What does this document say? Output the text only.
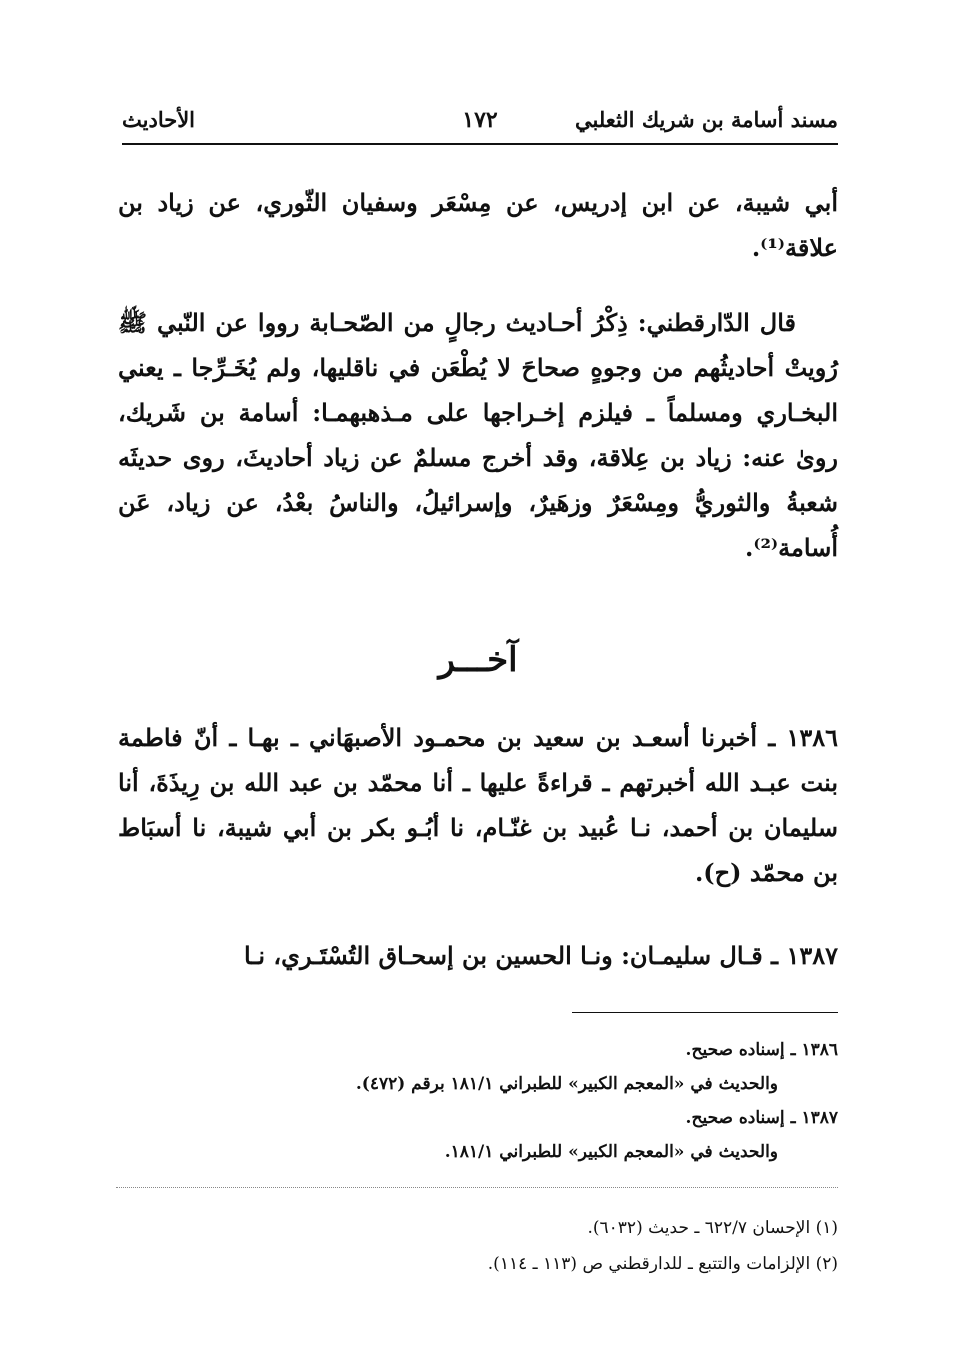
مسند أسامة بن شريك الثعلبي
١٧٢
الأحاديث
أبي شيبة، عن ابن إدريس، عن مِسْعَر وسفيان الثّوري، عن زياد بن علاقة⁽¹⁾.
قال الدّارقطني: ذِكْرُ أحـاديث رجالٍ من الصّحـابة رووا عن النّبي ﷺ رُويتْ أحاديثُهم من وجوهٍ صحاحَ لا يُطْعَن في ناقليها، ولم يُخَـرِّجا ـ يعني البخـاري ومسلماً ـ فيلزم إخـراجها على مـذهبهمـا: أسامة بن شَريك، روىٰ عنه: زياد بن عِلاقة، وقد أخرج مسلمٌ عن زياد أحاديثَ، روى حديثَه شعبةُ والثوريُّ ومِسْعَرٌ وزهَيرٌ، وإسرائيلُ، والناسُ بعْدُ، عن زياد، عَن أُسامة⁽²⁾.
آخـــر
١٣٨٦ ـ أخبرنا أسعـد بن سعيد بن محمـود الأصبهَاني ـ بهـا ـ أنّ فاطمة بنت عبـد الله أخبرتهم ـ قراءةً عليها ـ أنا محمّد بن عبد الله بن رِيذَةَ، أنا سليمان بن أحمد، نـا عُبيد بن غنّـام، نا أبُـو بكر بن أبي شيبة، نا أسبَاط بن محمّد (ح).
١٣٨٧ ـ قـال سليمـان: ونـا الحسين بن إسحـاق التُسْتَـري، نـا
١٣٨٦ ـ إسناده صحيح.
والحديث في «المعجم الكبير» للطبراني ١٨١/١ برقم (٤٧٢).
١٣٨٧ ـ إسناده صحيح.
والحديث في «المعجم الكبير» للطبراني ١٨١/١.
(١) الإحسان ٦٢٢/٧ ـ حديث (٦٠٣٢).
(٢) الإلزامات والتتبع ـ للدارقطني ص (١١٣ ـ ١١٤).
